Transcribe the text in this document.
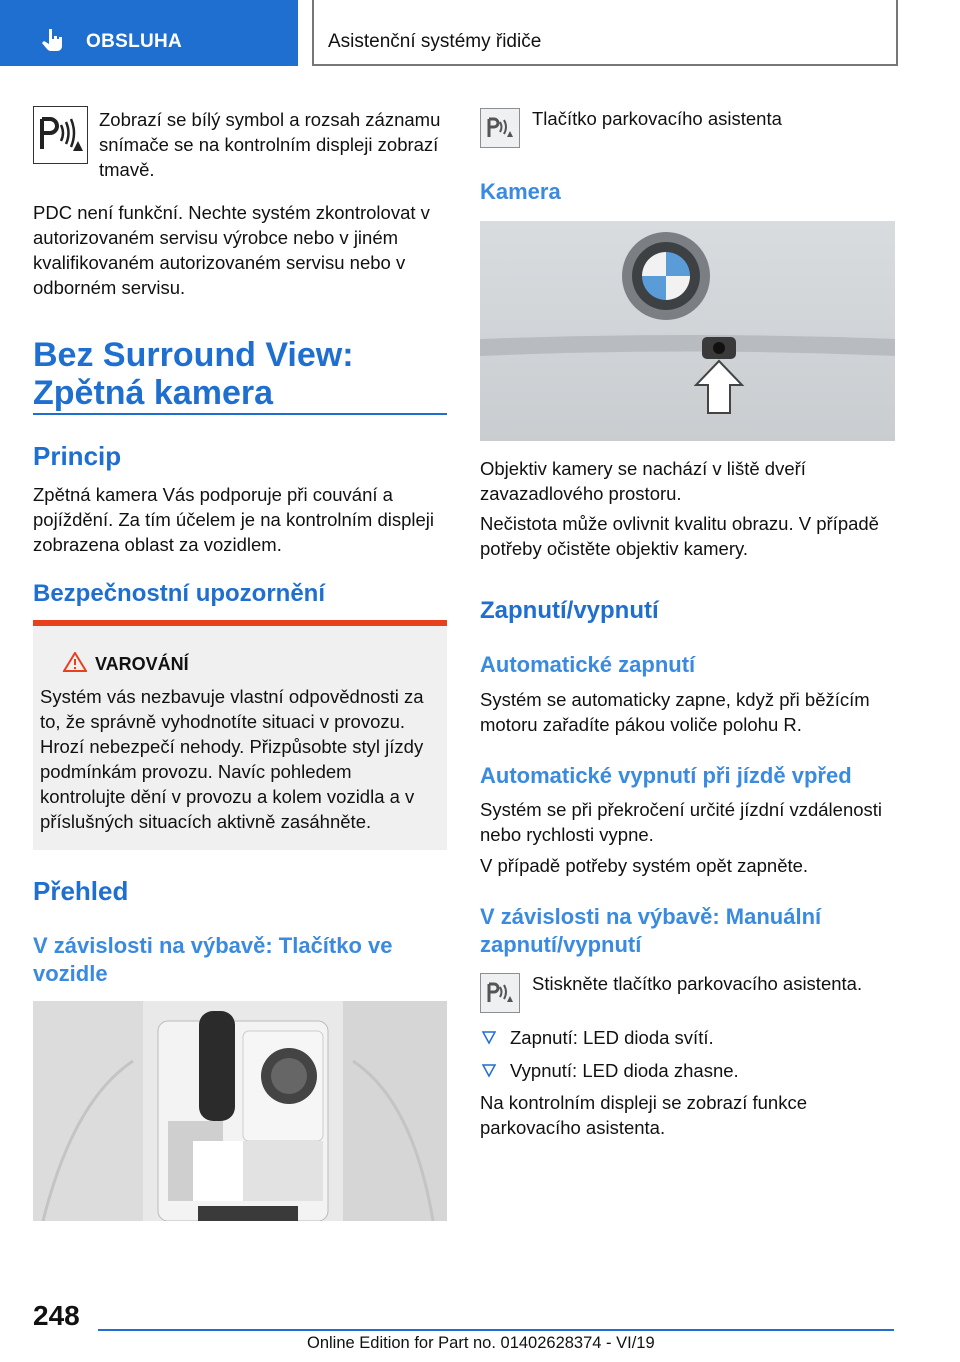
OBSLUHA	Asistenční systémy řidiče
Zobrazí se bílý symbol a rozsah záznamu snímače se na kontrolním displeji zobrazí tmavě.
PDC není funkční. Nechte systém zkontrolovat v autorizovaném servisu výrobce nebo v jiném kvalifikovaném autorizovaném servisu nebo v odborném servisu.
Bez Surround View: Zpětná kamera
Princip
Zpětná kamera Vás podporuje při couvání a pojíždění. Za tím účelem je na kontrolním displeji zobrazena oblast za vozidlem.
Bezpečnostní upozornění
VAROVÁNÍ
Systém vás nezbavuje vlastní odpovědnosti za to, že správně vyhodnotíte situaci v provozu. Hrozí nebezpečí nehody. Přizpůsobte styl jízdy podmínkám provozu. Navíc pohledem kontrolujte dění v provozu a kolem vozidla a v příslušných situacích aktivně zasáhněte.
Přehled
V závislosti na výbavě: Tlačítko ve vozidle
Tlačítko parkovacího asistenta
Kamera
Objektiv kamery se nachází v liště dveří zavazadlového prostoru.
Nečistota může ovlivnit kvalitu obrazu. V případě potřeby očistěte objektiv kamery.
Zapnutí/vypnutí
Automatické zapnutí
Systém se automaticky zapne, když při běžícím motoru zařadíte pákou voliče polohu R.
Automatické vypnutí při jízdě vpřed
Systém se při překročení určité jízdní vzdálenosti nebo rychlosti vypne.
V případě potřeby systém opět zapněte.
V závislosti na výbavě: Manuální zapnutí/vypnutí
Stiskněte tlačítko parkovacího asistenta.
Zapnutí: LED dioda svítí.
Vypnutí: LED dioda zhasne.
Na kontrolním displeji se zobrazí funkce parkovacího asistenta.
248
Online Edition for Part no. 01402628374 - VI/19
